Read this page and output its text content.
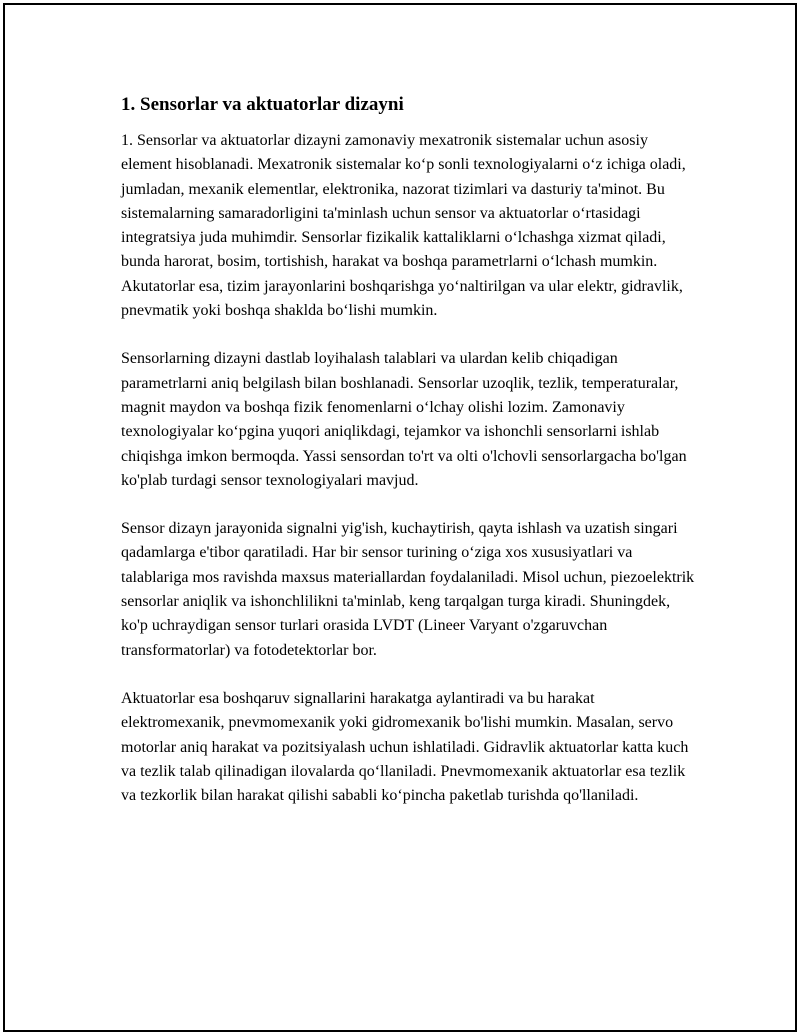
1. Sensorlar va aktuatorlar dizayni

1. Sensorlar va aktuatorlar dizayni zamonaviy mexatronik sistemalar uchun asosiy element hisoblanadi. Mexatronik sistemalar ko‘p sonli texnologiyalarni o‘z ichiga oladi, jumladan, mexanik elementlar, elektronika, nazorat tizimlari va dasturiy ta'minot. Bu sistemalarning samaradorligini ta'minlash uchun sensor va aktuatorlar o‘rtasidagi integratsiya juda muhimdir. Sensorlar fizikalik kattaliklarni o‘lchashga xizmat qiladi, bunda harorat, bosim, tortishish, harakat va boshqa parametrlarni o‘lchash mumkin. Akutatorlar esa, tizim jarayonlarini boshqarishga yo‘naltirilgan va ular elektr, gidravlik, pnevmatik yoki boshqa shaklda bo‘lishi mumkin.

Sensorlarning dizayni dastlab loyihalash talablari va ulardan kelib chiqadigan parametrlarni aniq belgilash bilan boshlanadi. Sensorlar uzoqlik, tezlik, temperaturalar, magnit maydon va boshqa fizik fenomenlarni o‘lchay olishi lozim. Zamonaviy texnologiyalar ko‘pgina yuqori aniqlikdagi, tejamkor va ishonchli sensorlarni ishlab chiqishga imkon bermoqda. Yassi sensordan to'rt va olti o'lchovli sensorlargacha bo'lgan ko'plab turdagi sensor texnologiyalari mavjud.

Sensor dizayn jarayonida signalni yig'ish, kuchaytirish, qayta ishlash va uzatish singari qadamlarga e'tibor qaratiladi. Har bir sensor turining o‘ziga xos xususiyatlari va talablariga mos ravishda maxsus materiallardan foydalaniladi. Misol uchun, piezoelektrik sensorlar aniqlik va ishonchlilikni ta'minlab, keng tarqalgan turga kiradi. Shuningdek, ko'p uchraydigan sensor turlari orasida LVDT (Lineer Varyant o'zgaruvchan transformatorlar) va fotodetektorlar bor.

Aktuatorlar esa boshqaruv signallarini harakatga aylantiradi va bu harakat elektromexanik, pnevmomexanik yoki gidromexanik bo'lishi mumkin. Masalan, servo motorlar aniq harakat va pozitsiyalash uchun ishlatiladi. Gidravlik aktuatorlar katta kuch va tezlik talab qilinadigan ilovalarda qo‘llaniladi. Pnevmomexanik aktuatorlar esa tezlik va tezkorlik bilan harakat qilishi sababli ko‘pincha paketlab turishda qo'llaniladi.
